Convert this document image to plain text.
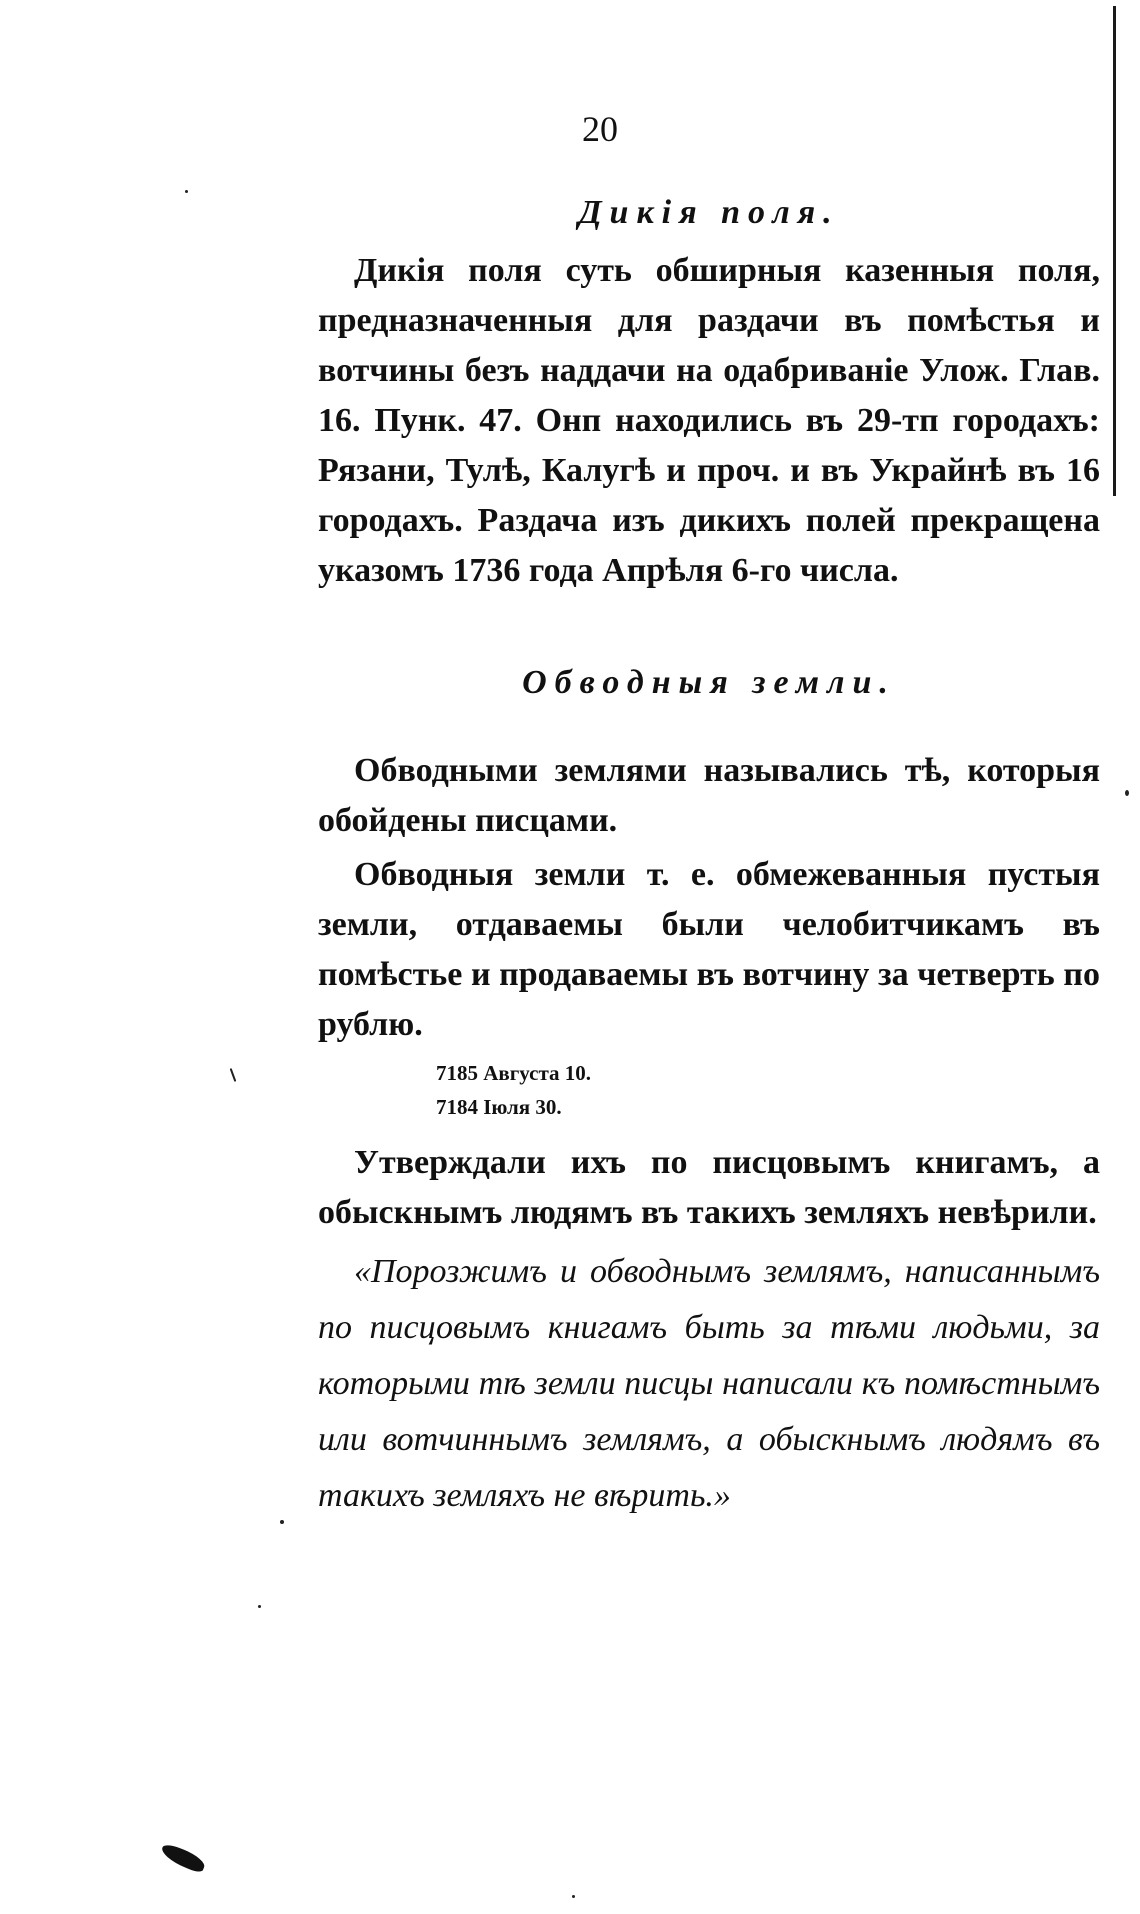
20
Дикія поля.

Дикія поля суть обширныя казенныя поля, предназначенныя для раздачи въ помѣстья и вотчины безъ наддачи на одабриваніе Улож. Глав. 16. Пунк. 47. Онп находились въ 29-тп городахъ: Рязани, Тулѣ, Калугѣ и проч. и въ Украйнѣ въ 16 городахъ. Раздача изъ дикихъ полей прекращена указомъ 1736 года Апрѣля 6-го числа.

Обводныя земли.

Обводными землями назывались тѣ, которыя обойдены писцами.

Обводныя земли т. е. обмежеванныя пустыя земли, отдаваемы были челобитчикамъ въ помѣстье и продаваемы въ вотчину за четверть по рублю.

7185 Августа 10.

7184 Іюля 30.

Утверждали ихъ по писцовымъ книгамъ, а обыскнымъ людямъ въ такихъ земляхъ невѣрили.

«Порозжимъ и обводнымъ землямъ, написаннымъ по писцовымъ книгамъ быть за тѣми людьми, за которыми тѣ земли писцы написали къ помѣстнымъ или вотчиннымъ землямъ, а обыскнымъ людямъ въ такихъ земляхъ не вѣрить.»
